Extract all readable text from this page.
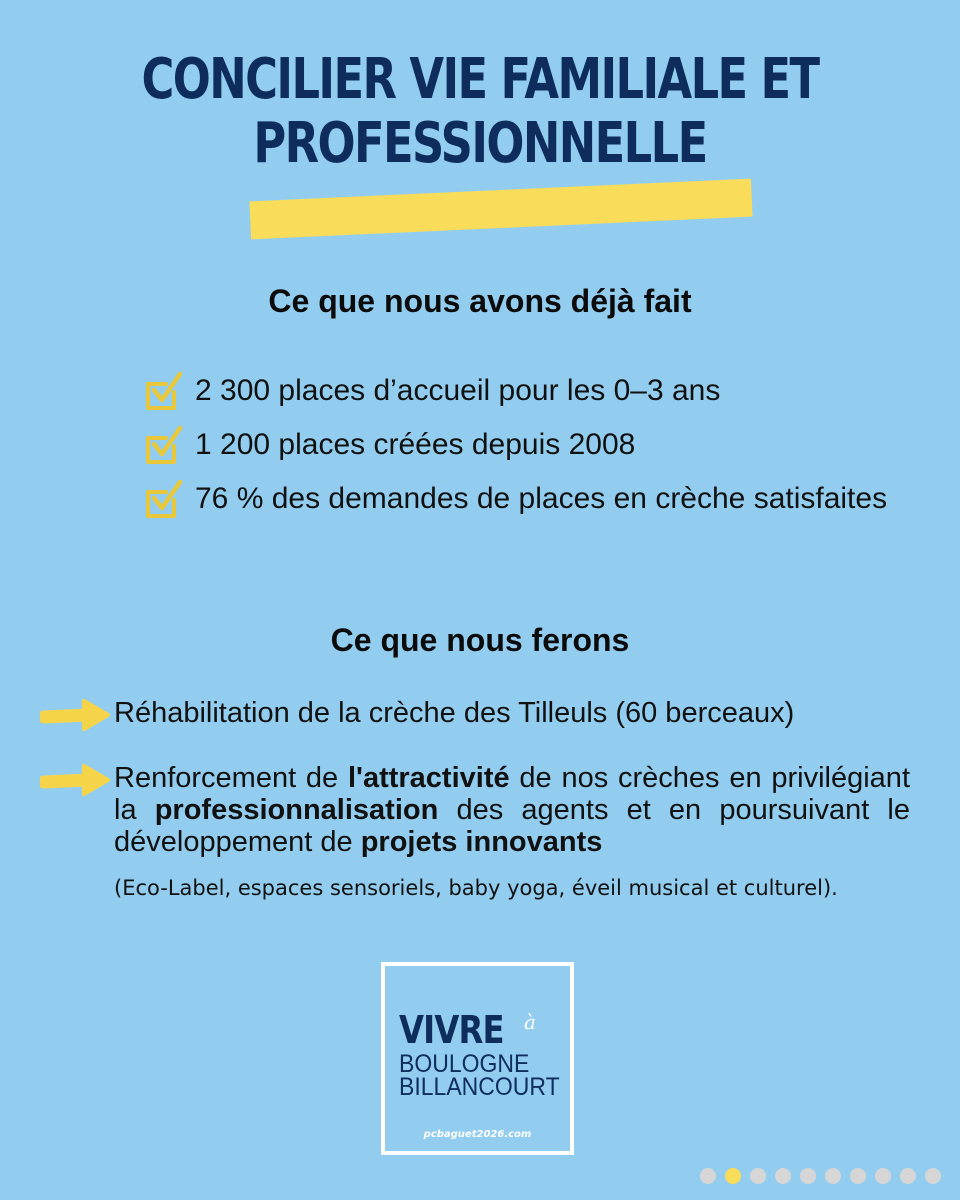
CONCILIER VIE FAMILIALE ET
PROFESSIONNELLE
Ce que nous avons déjà fait
2 300 places d’accueil pour les 0–3 ans
1 200 places créées depuis 2008
76 % des demandes de places en crèche satisfaites
Ce que nous ferons
Réhabilitation de la crèche des Tilleuls (60 berceaux)
Renforcement de l'attractivité de nos crèches en privilégiant la professionnalisation des agents et en poursuivant le développement de projets innovants
(Eco-Label, espaces sensoriels, baby yoga, éveil musical et culturel).
VIVRE à
BOULOGNE
BILLANCOURT
pcbaguet2026.com
